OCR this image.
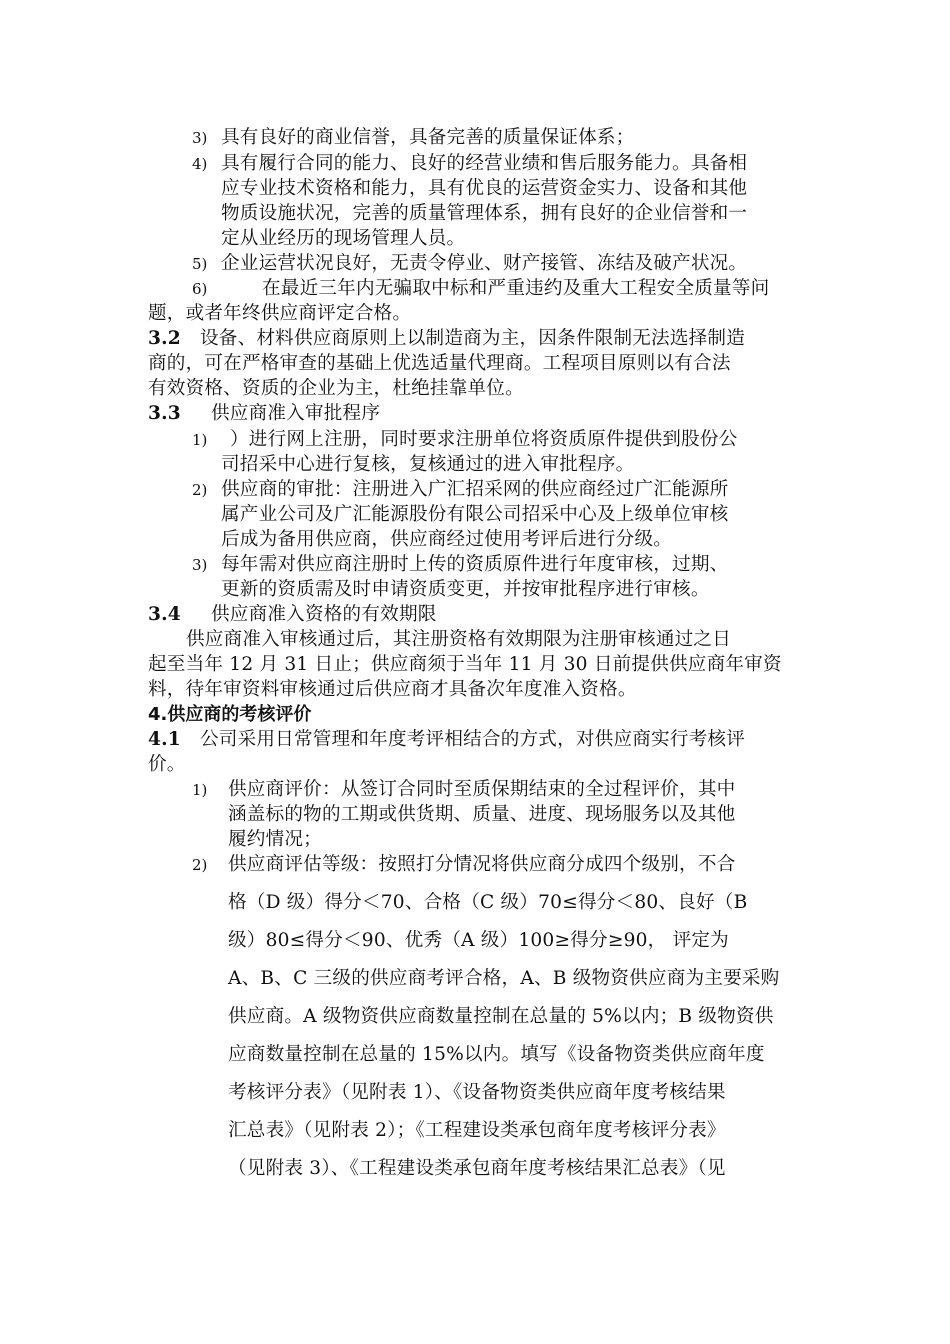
3) 具有良好的商业信誉，具备完善的质量保证体系；
4) 具有履行合同的能力、良好的经营业绩和售后服务能力。具备相
应专业技术资格和能力，具有优良的运营资金实力、设备和其他
物质设施状况，完善的质量管理体系，拥有良好的企业信誉和一
定从业经历的现场管理人员。
5) 企业运营状况良好，无责令停业、财产接管、冻结及破产状况。
6)	在最近三年内无骗取中标和严重违约及重大工程安全质量等问
题，或者年终供应商评定合格。
3.2 设备、材料供应商原则上以制造商为主，因条件限制无法选择制造
商的，可在严格审查的基础上优选适量代理商。工程项目原则以有合法
有效资格、资质的企业为主，杜绝挂靠单位。
3.3 供应商准入审批程序
1) ）进行网上注册，同时要求注册单位将资质原件提供到股份公
司招采中心进行复核，复核通过的进入审批程序。
2) 供应商的审批：注册进入广汇招采网的供应商经过广汇能源所
属产业公司及广汇能源股份有限公司招采中心及上级单位审核
后成为备用供应商，供应商经过使用考评后进行分级。
3) 每年需对供应商注册时上传的资质原件进行年度审核，过期、
更新的资质需及时申请资质变更，并按审批程序进行审核。
3.4 供应商准入资格的有效期限
供应商准入审核通过后，其注册资格有效期限为注册审核通过之日
起至当年 12 月 31 日止；供应商须于当年 11 月 30 日前提供供应商年审资
料，待年审资料审核通过后供应商才具备次年度准入资格。
4.供应商的考核评价
4.1 公司采用日常管理和年度考评相结合的方式，对供应商实行考核评
价。
1) 供应商评价：从签订合同时至质保期结束的全过程评价，其中
涵盖标的物的工期或供货期、质量、进度、现场服务以及其他
履约情况；
2) 供应商评估等级：按照打分情况将供应商分成四个级别，不合
格（D 级）得分＜70、合格（C 级）70≤得分＜80、良好（B
级）80≤得分＜90、优秀（A 级）100≥得分≥90， 评定为
A、B、C 三级的供应商考评合格，A、B 级物资供应商为主要采购
供应商。A 级物资供应商数量控制在总量的 5%以内；B 级物资供
应商数量控制在总量的 15%以内。填写《设备物资类供应商年度
考核评分表》（见附表 1）、《设备物资类供应商年度考核结果
汇总表》（见附表 2）；《工程建设类承包商年度考核评分表》
（见附表 3）、《工程建设类承包商年度考核结果汇总表》（见
